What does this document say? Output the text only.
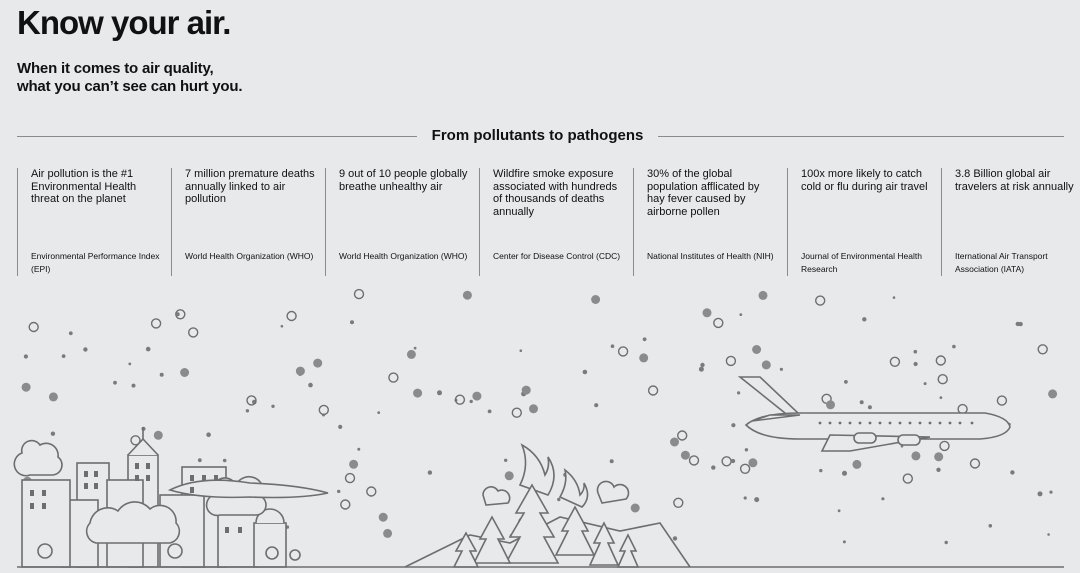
Know your air.
When it comes to air quality,
what you can’t see can hurt you.
From pollutants to pathogens
Air pollution is the #1 Environmental Health threat on the planet
Environmental Performance Index (EPI)
7 million premature deaths annually linked to air pollution
World Health Organization (WHO)
9 out of 10 people globally breathe unhealthy air
World Health Organization (WHO)
Wildfire smoke exposure associated with hundreds of thousands of deaths annually
Center for Disease Control (CDC)
30% of the global population afflicated by hay fever caused by airborne pollen
National Institutes of Health (NIH)
100x more likely to catch cold or flu during air travel
Journal of Environmental Health Research
3.8 Billion global air travelers at risk annually
Iternational Air Transport Association (IATA)
